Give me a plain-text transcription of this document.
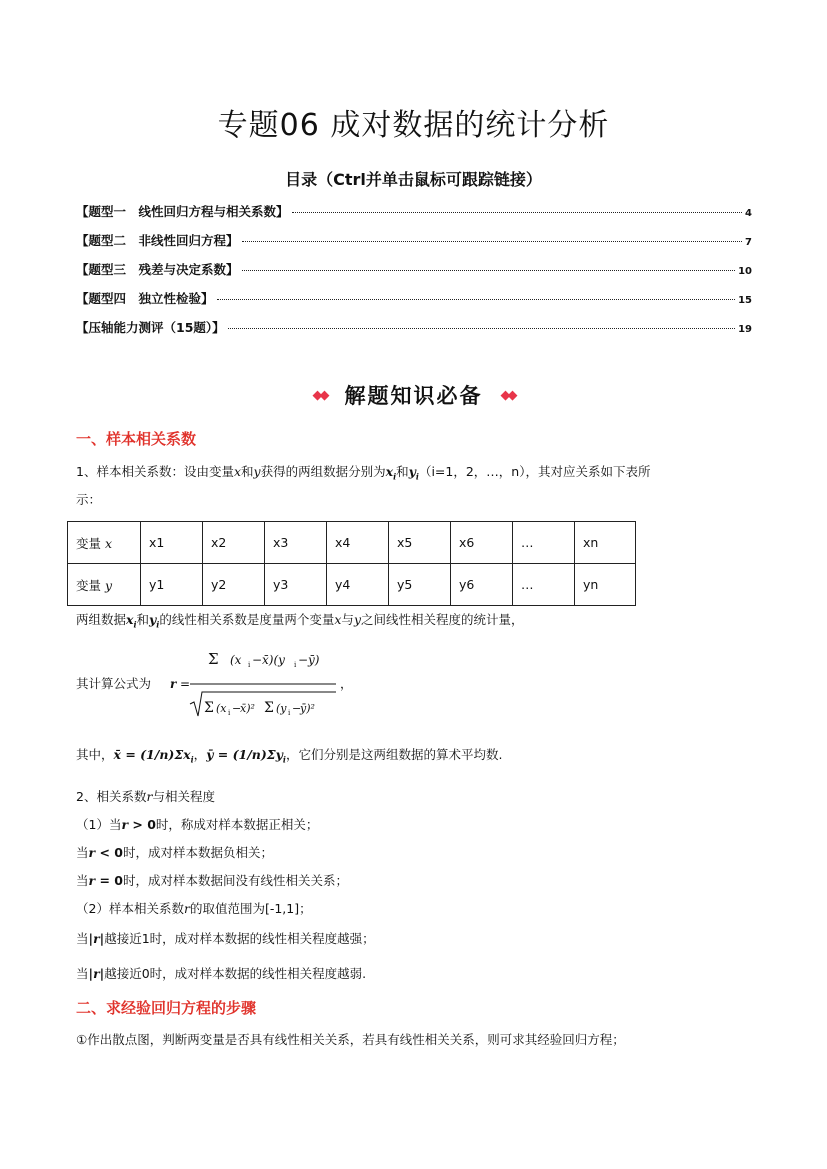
专题06 成对数据的统计分析
目录（Ctrl并单击鼠标可跟踪链接）
【题型一　线性回归方程与相关系数】	4
【题型二　非线性回归方程】	7
【题型三　残差与决定系数】	10
【题型四　独立性检验】	15
【压轴能力测评（15题）】	19
◆◆ 解题知识必备	◆◆
一、样本相关系数
1、样本相关系数：设由变量x和y获得的两组数据分别为$x_i$和$y_i(i=1$，2，…，n），其对应关系如下表所
示：
变量 x	x1	x2	x3	x4	x5	x6	…	xn
变量 y	y1	y2	y3	y4	y5	y6	…	yn
两组数据$x_i$和$y_i$的线性相关系数是度量两个变量x与y之间线性相关程度的统计量，
其计算公式为 r =
Σ (x i − x̄)(y i − ȳ)
Σ (x i −
x̄)² Σ (y i −
ȳ)²
，
其中，x̄ = $(1/n)\Sigma x_i$，ȳ = $(1/n)\Sigma y_i$，它们分别是这两组数据的算术平均数.
2、相关系数r与相关程度
（1）当r > 0时，称成对样本数据正相关；
当r < 0时，成对样本数据负相关；
当r = 0时，成对样本数据间没有线性相关关系；
（2）样本相关系数r的取值范围为[-1,1]；
当|r|越接近1时，成对样本数据的线性相关程度越强；
当|r|越接近0时，成对样本数据的线性相关程度越弱.
二、求经验回归方程的步骤
①作出散点图，判断两变量是否具有线性相关关系，若具有线性相关关系，则可求其经验回归方程；
